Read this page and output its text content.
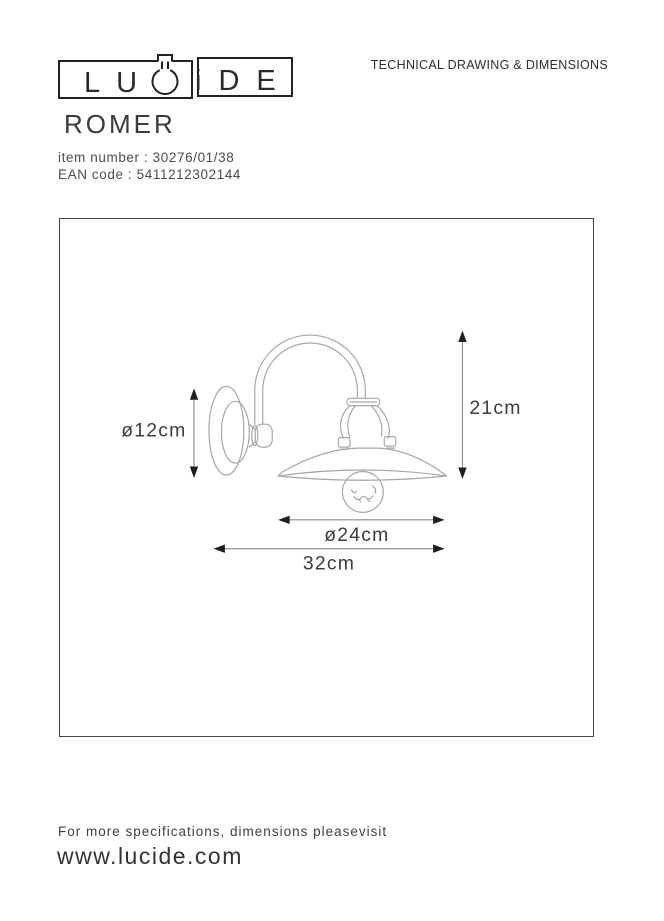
LU iDE	TECHNICAL DRAWING & DIMENSIONS
ROMER
item number : 30276/01/38
EAN code : 5411212302144
ø12cm
21cm
ø24cm
32cm
For more specifications, dimensions pleasevisit
www.lucide.com
